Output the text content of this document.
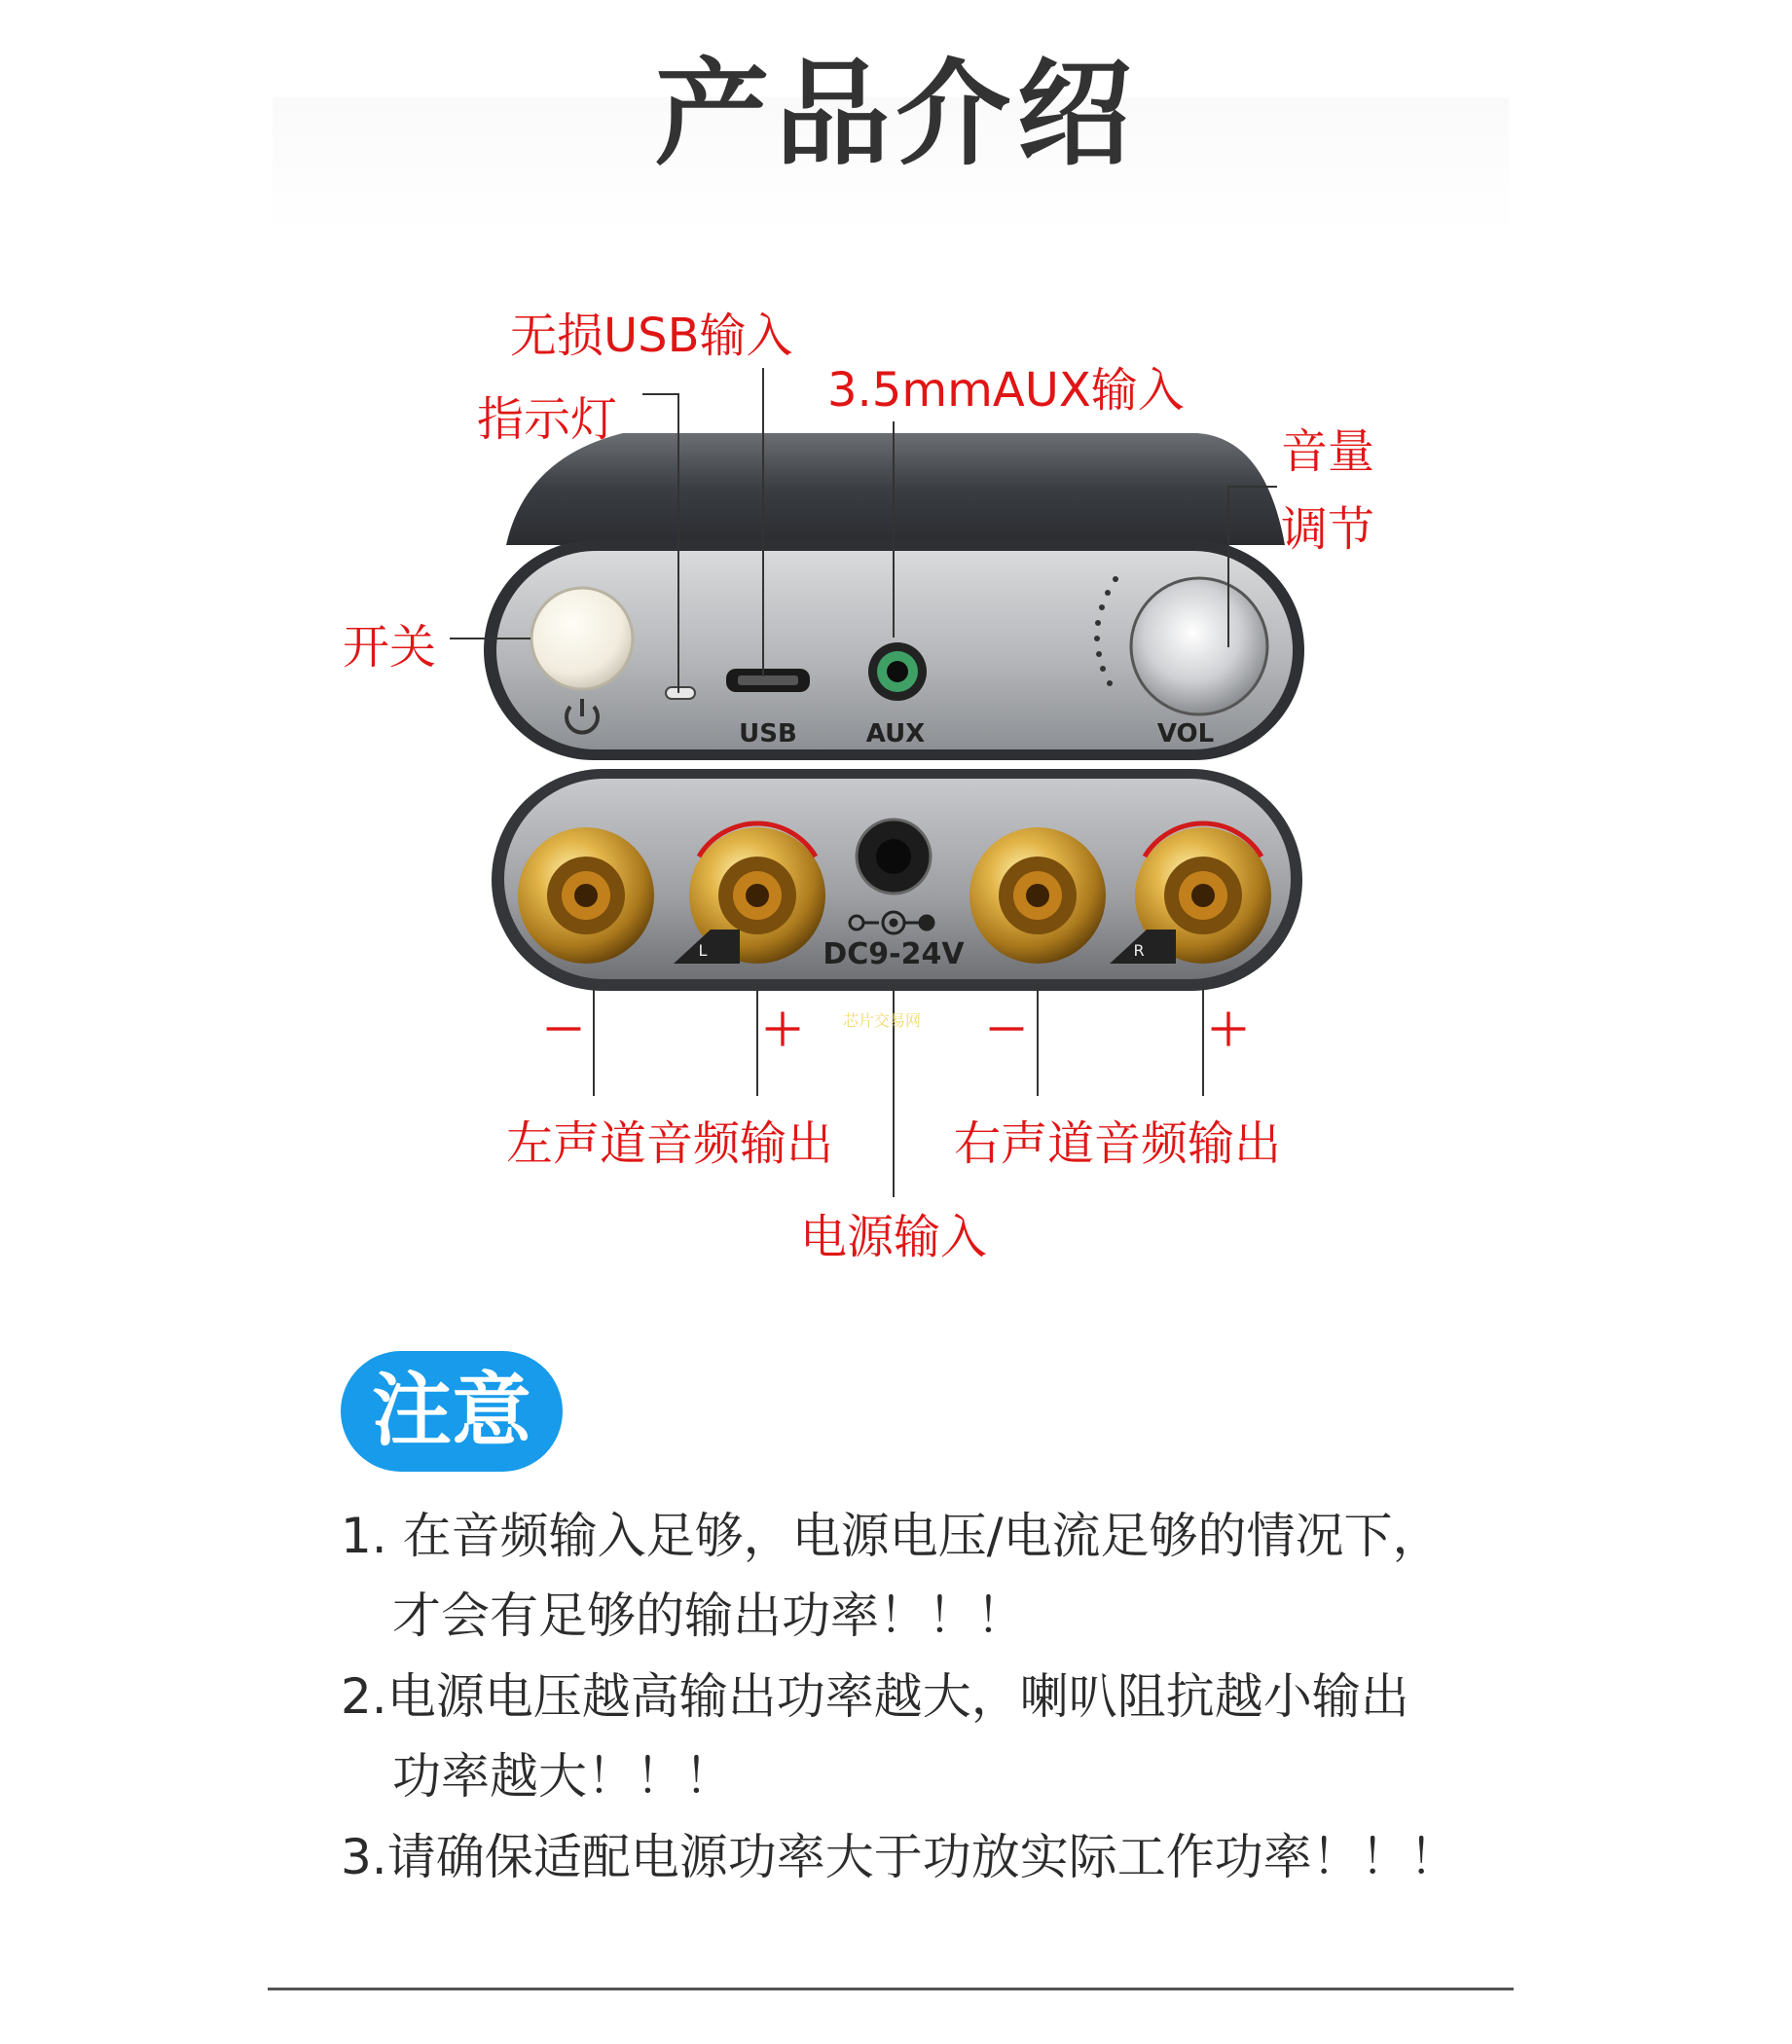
产品介绍
USB	AUX	VOL
L	R
DC9-24V
无损USB输入
3.5mmAUX输入
指示灯
音量
调节
开关
－	＋	－	＋
芯片交易网
左声道音频输出	右声道音频输出
电源输入
注意
1. 在音频输入足够，电源电压/电流足够的情况下，
才会有足够的输出功率！！！
2.电源电压越高输出功率越大，喇叭阻抗越小输出
功率越大！！！
3.请确保适配电源功率大于功放实际工作功率！！！
